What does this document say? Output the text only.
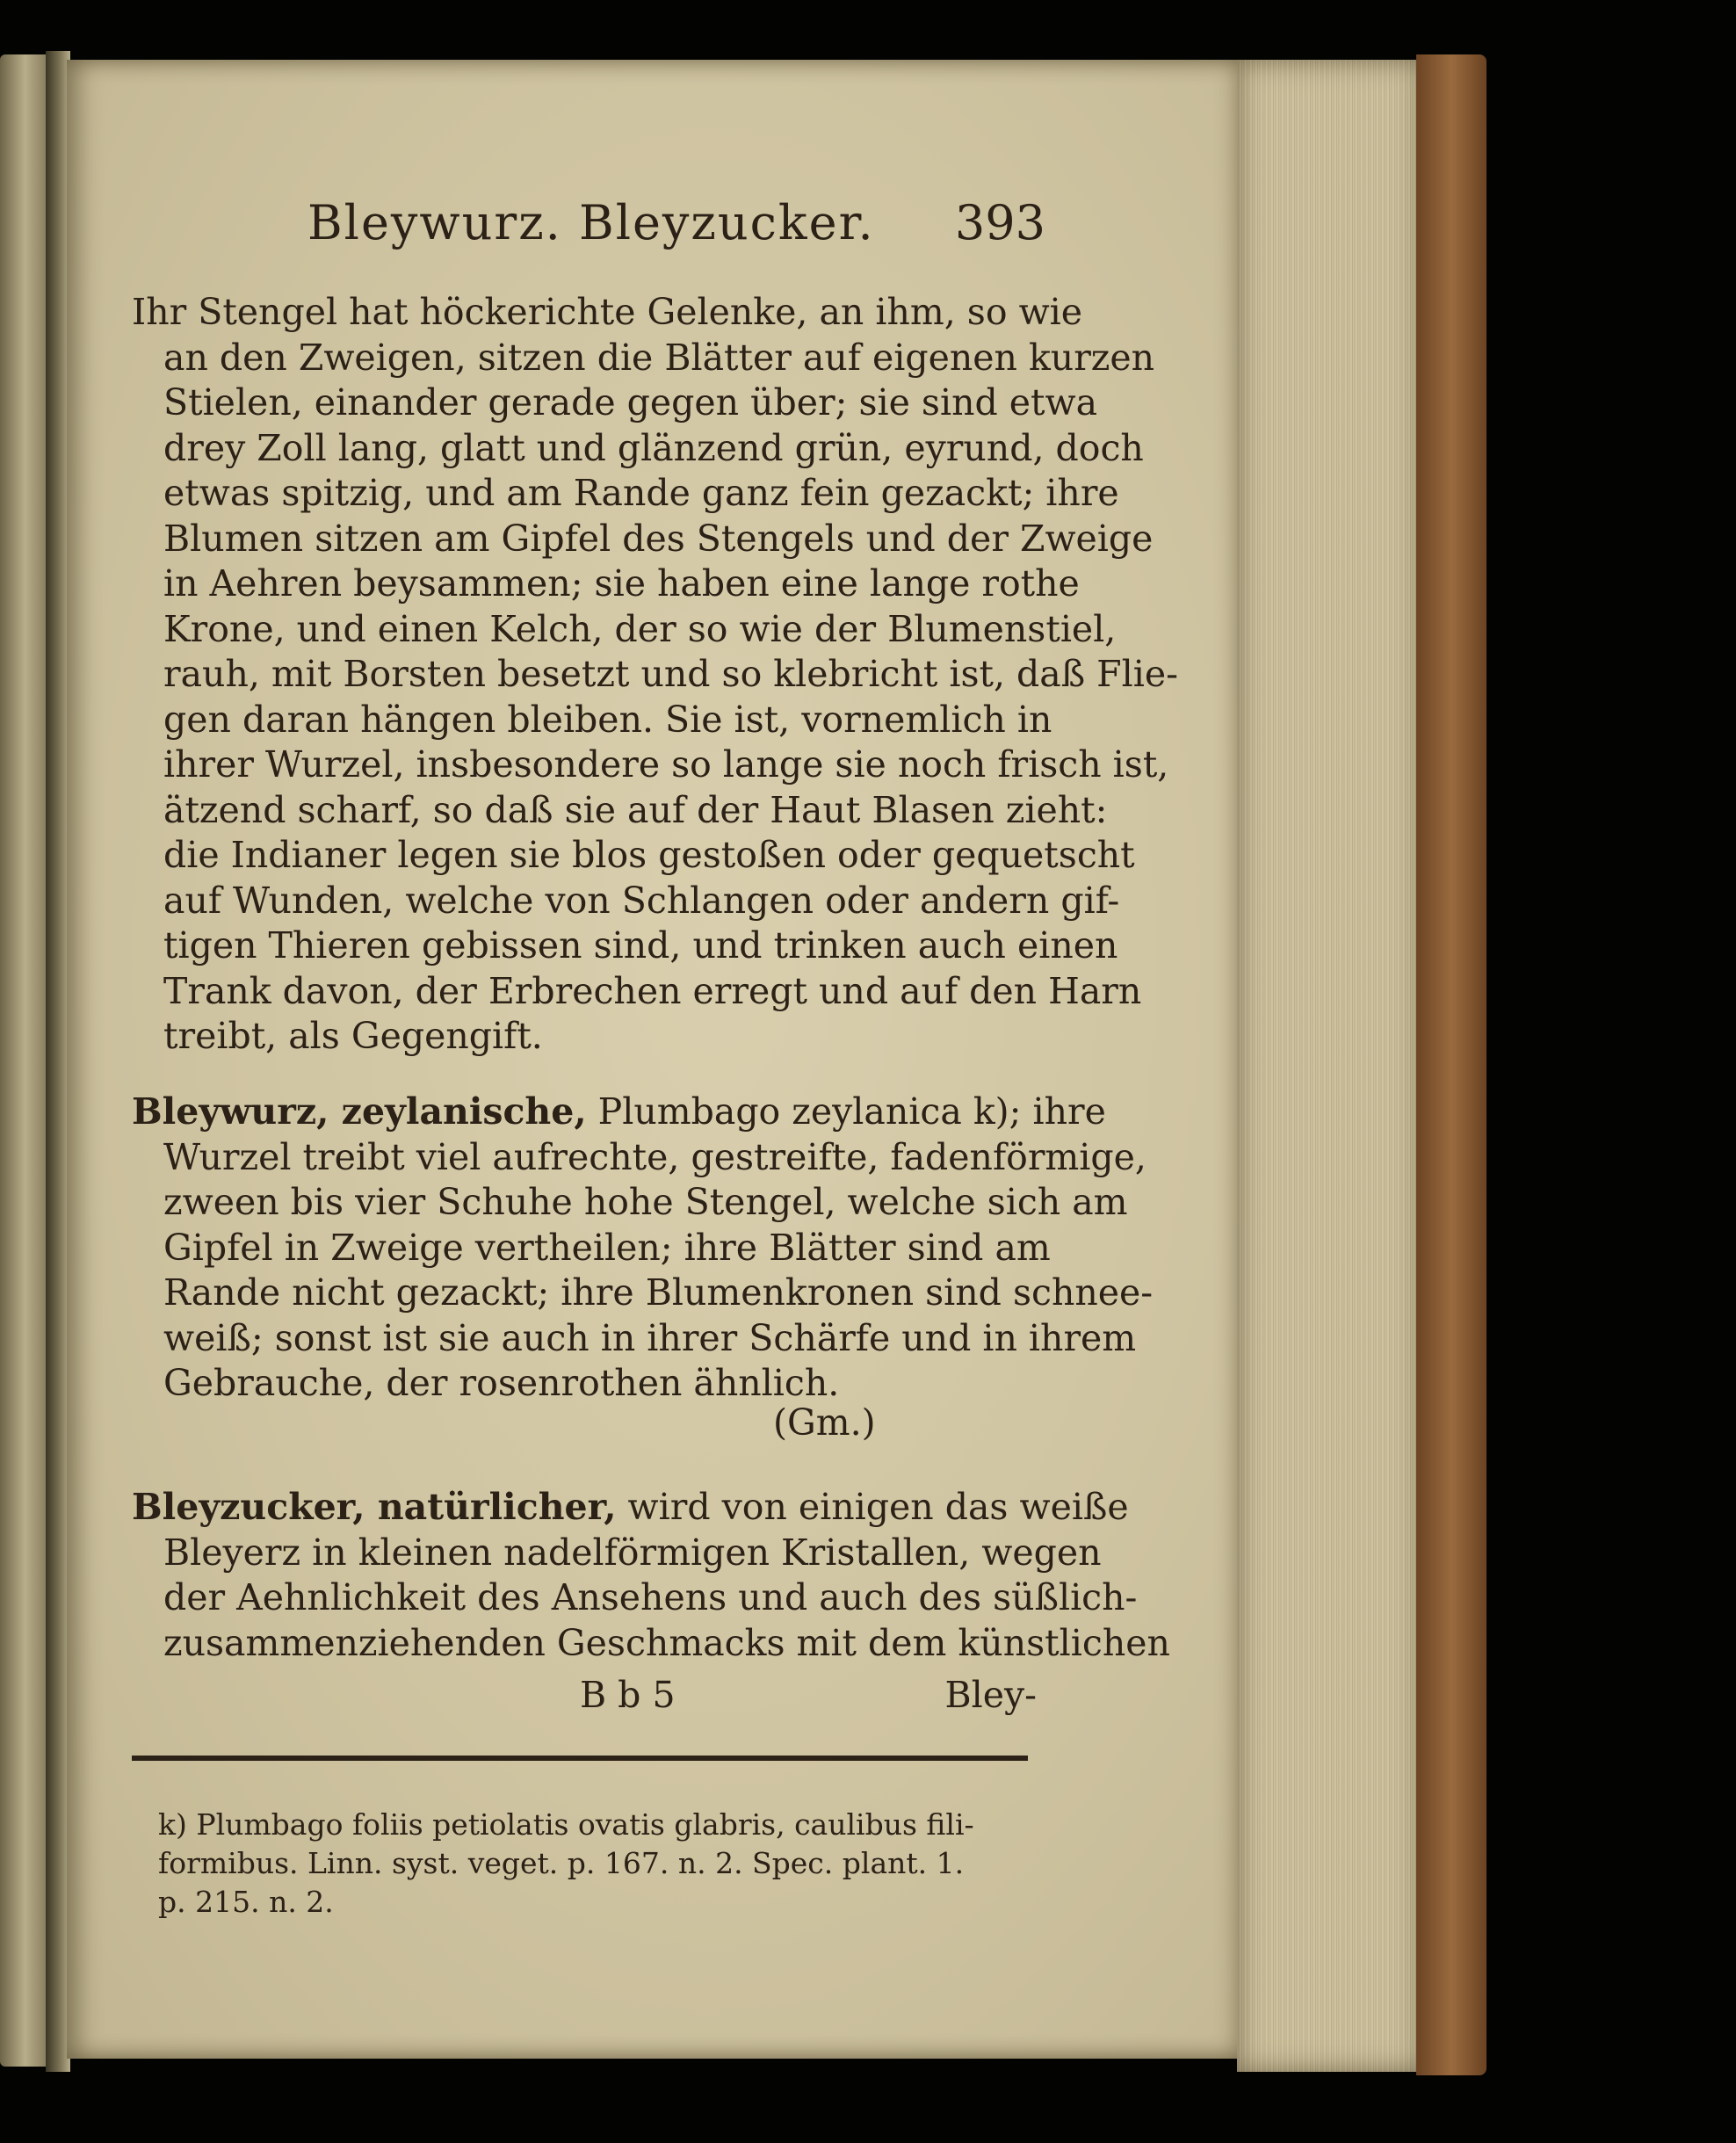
Bleywurz. Bleyzucker. 393
Ihr Stengel hat höckerichte Gelenke, an ihm, so wie
an den Zweigen, sitzen die Blätter auf eigenen kurzen
Stielen, einander gerade gegen über; sie sind etwa
drey Zoll lang, glatt und glänzend grün, eyrund, doch
etwas spitzig, und am Rande ganz fein gezackt; ihre
Blumen sitzen am Gipfel des Stengels und der Zweige
in Aehren beysammen; sie haben eine lange rothe
Krone, und einen Kelch, der so wie der Blumenstiel,
rauh, mit Borsten besetzt und so klebricht ist, daß Flie-
gen daran hängen bleiben. Sie ist, vornemlich in
ihrer Wurzel, insbesondere so lange sie noch frisch ist,
ätzend scharf, so daß sie auf der Haut Blasen zieht:
die Indianer legen sie blos gestoßen oder gequetscht
auf Wunden, welche von Schlangen oder andern gif-
tigen Thieren gebissen sind, und trinken auch einen
Trank davon, der Erbrechen erregt und auf den Harn
treibt, als Gegengift.
Bleywurz, zeylanische, Plumbago zeylanica k); ihre
Wurzel treibt viel aufrechte, gestreifte, fadenförmige,
zween bis vier Schuhe hohe Stengel, welche sich am
Gipfel in Zweige vertheilen; ihre Blätter sind am
Rande nicht gezackt; ihre Blumenkronen sind schnee-
weiß; sonst ist sie auch in ihrer Schärfe und in ihrem
Gebrauche, der rosenrothen ähnlich.
(Gm.)
Bleyzucker, natürlicher, wird von einigen das weiße
Bleyerz in kleinen nadelförmigen Kristallen, wegen
der Aehnlichkeit des Ansehens und auch des süßlich-
zusammenziehenden Geschmacks mit dem künstlichen
B b 5	Bley-
k) Plumbago foliis petiolatis ovatis glabris, caulibus fili-
formibus. Linn. syst. veget. p. 167. n. 2. Spec. plant. 1.
p. 215. n. 2.
